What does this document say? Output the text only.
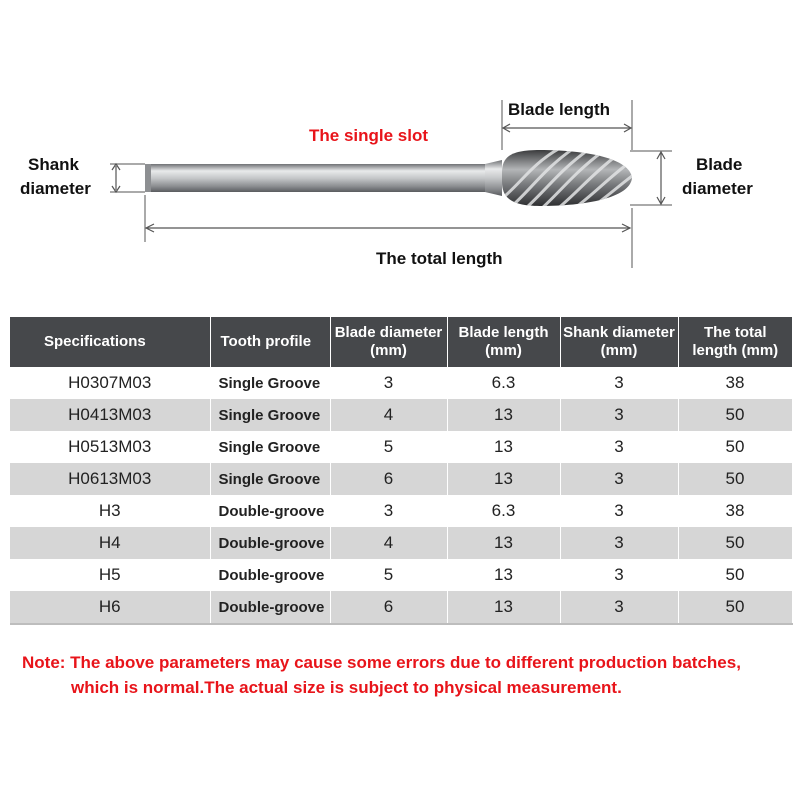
The single slot
Shank
diameter
Blade length
Blade
diameter
The total length
Specifications	Tooth profile	Blade diameter (mm)	Blade length (mm)	Shank diameter (mm)	The total length (mm)
H0307M03	Single Groove	3	6.3	3	38
H0413M03	Single Groove	4	13	3	50
H0513M03	Single Groove	5	13	3	50
H0613M03	Single Groove	6	13	3	50
H3	Double-groove	3	6.3	3	38
H4	Double-groove	4	13	3	50
H5	Double-groove	5	13	3	50
H6	Double-groove	6	13	3	50
Note: The above parameters may cause some errors due to different production batches,
which is normal.The actual size is subject to physical measurement.
